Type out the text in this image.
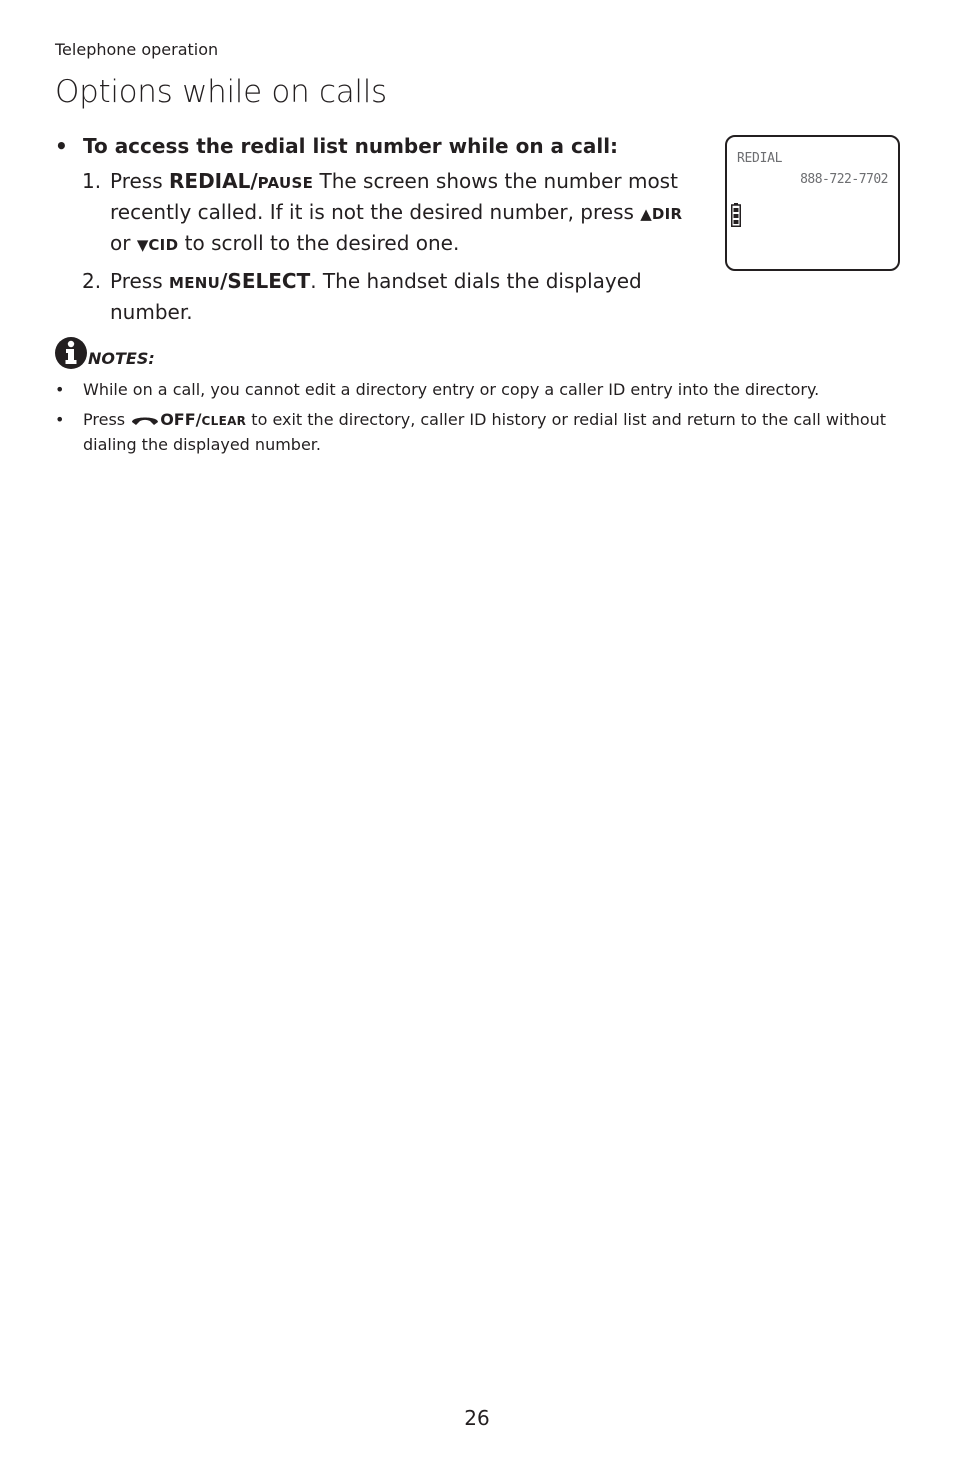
Telephone operation
Options while on calls
• To access the redial list number while on a call:
1. Press REDIAL/PAUSE The screen shows the number most recently called. If it is not the desired number, press ▲DIR or ▼CID to scroll to the desired one.
2. Press MENU/SELECT. The handset dials the displayed number.
REDIAL
888-722-7702
NOTES:
• While on a call, you cannot edit a directory entry or copy a caller ID entry into the directory.
• Press OFF/CLEAR to exit the directory, caller ID history or redial list and return to the call without dialing the displayed number.
26
